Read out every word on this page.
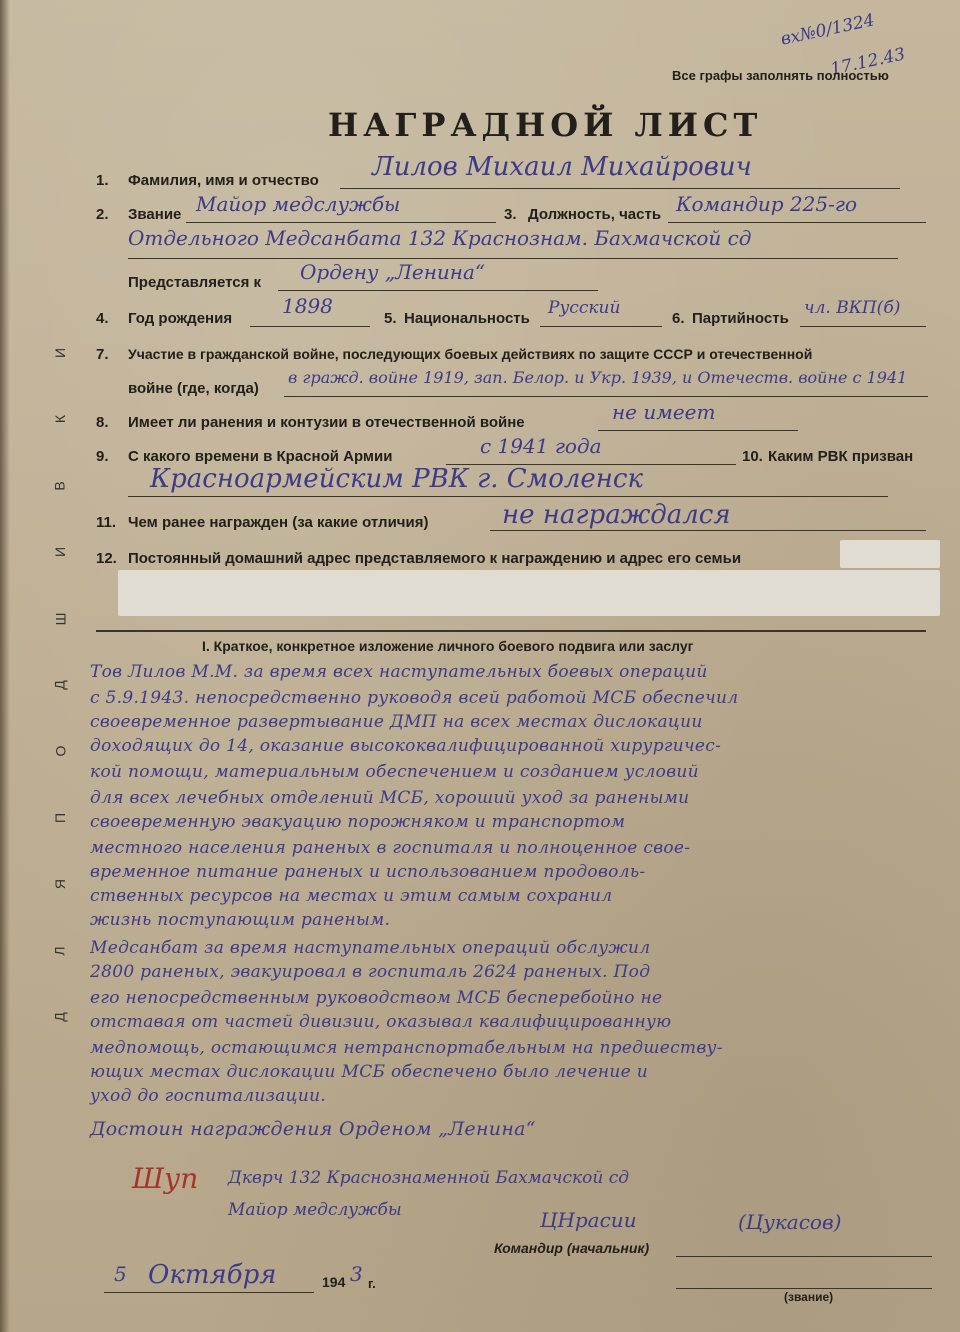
вх№0/1324
17.12.43
Все графы заполнять полностью
НАГРАДНОЙ ЛИСТ
И
К
В
И
Ш
Д
О
П
Я
Л
Д
1. Фамилия, имя и отчество Лилов Михаил Михайрович
2. Звание Майор медслужбы	3. Должность, часть Командир 225-го
Отдельного Медсанбата 132 Краснознам. Бахмачской сд
Представляется к Ордену „Ленина“
4. Год рождения
1898
5. Национальность
Русский
6. Партийность
чл. ВКП(б)
7. Участие в гражданской войне, последующих боевых действиях по защите СССР и отечественной
войне (где, когда)
в гражд. войне 1919, зап. Белор. и Укр. 1939, и Отечеств. войне с 1941
8. Имеет ли ранения и контузии в отечественной войне	не имеет
9. С какого времени в Красной Армии	с 1941 года	10. Каким РВК призван
Красноармейским РВК г. Смоленск
11. Чем ранее награжден (за какие отличия)	не награждался
12. Постоянный домашний адрес представляемого к награждению и адрес его семьи
I. Краткое, конкретное изложение личного боевого подвига или заслуг
Тов Лилов М.М. за время всех наступательных боевых операций
с 5.9.1943. непосредственно руководя всей работой МСБ обеспечил
своевременное развертывание ДМП на всех местах дислокации
доходящих до 14, оказание высококвалифицированной хирургичес-
кой помощи, материальным обеспечением и созданием условий
для всех лечебных отделений МСБ, хороший уход за ранеными
своевременную эвакуацию порожняком и транспортом
местного населения раненых в госпиталя и полноценное свое-
временное питание раненых и использованием продоволь-
ственных ресурсов на местах и этим самым сохранил
жизнь поступающим раненым.
Медсанбат за время наступательных операций обслужил
2800 раненых, эвакуировал в госпиталь 2624 раненых. Под
его непосредственным руководством МСБ бесперебойно не
отставая от частей дивизии, оказывал квалифицированную
медпомощь, остающимся нетранспортабельным на предшеству-
ющих местах дислокации МСБ обеспечено было лечение и
уход до госпитализации.
Достоин награждения Орденом „Ленина“
Шуп Дкврч 132 Краснознаменной Бахмачской сд
Майор медслужбы	ЦНрасии	(Цукасов)
Командир (начальник)
(звание)
5 Октября	194 3 г.
